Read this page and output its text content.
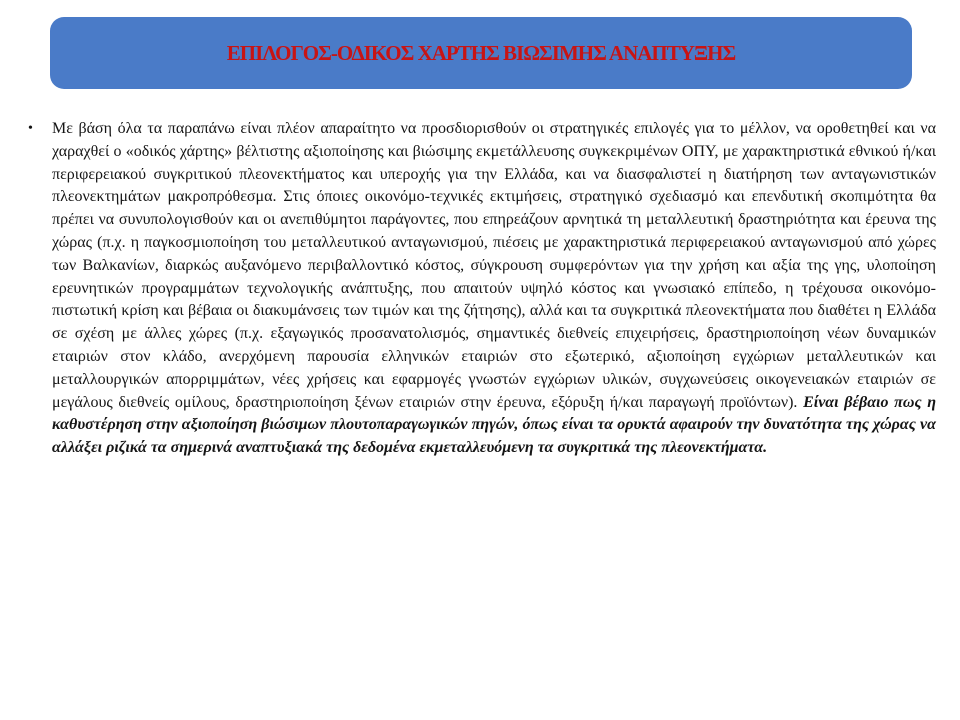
ΕΠΙΛΟΓΟΣ-ΟΔΙΚΟΣ ΧΑΡΤΗΣ ΒΙΩΣΙΜΗΣ ΑΝΑΠΤΥΞΗΣ
•	Με βάση όλα τα παραπάνω είναι πλέον απαραίτητο να προσδιορισθούν οι στρατηγικές επιλογές για το μέλλον, να οροθετηθεί και να χαραχθεί ο «οδικός χάρτης» βέλτιστης αξιοποίησης και βιώσιμης εκμετάλλευσης συγκεκριμένων ΟΠΥ, με χαρακτηριστικά εθνικού ή/και περιφερειακού συγκριτικού πλεονεκτήματος και υπεροχής για την Ελλάδα, και να διασφαλιστεί η διατήρηση των ανταγωνιστικών πλεονεκτημάτων μακροπρόθεσμα. Στις όποιες οικονόμο-τεχνικές εκτιμήσεις, στρατηγικό σχεδιασμό και επενδυτική σκοπιμότητα θα πρέπει να συνυπολογισθούν και οι ανεπιθύμητοι παράγοντες, που επηρεάζουν αρνητικά τη μεταλλευτική δραστηριότητα και έρευνα της χώρας (π.χ. η παγκοσμιοποίηση του μεταλλευτικού ανταγωνισμού, πιέσεις με χαρακτηριστικά περιφερειακού ανταγωνισμού από χώρες των Βαλκανίων, διαρκώς αυξανόμενο περιβαλλοντικό κόστος, σύγκρουση συμφερόντων για την χρήση και αξία της γης, υλοποίηση ερευνητικών προγραμμάτων τεχνολογικής ανάπτυξης, που απαιτούν υψηλό κόστος και γνωσιακό επίπεδο, η τρέχουσα οικονόμο-πιστωτική κρίση και βέβαια οι διακυμάνσεις των τιμών και της ζήτησης), αλλά και τα συγκριτικά πλεονεκτήματα που διαθέτει η Ελλάδα σε σχέση με άλλες χώρες (π.χ. εξαγωγικός προσανατολισμός, σημαντικές διεθνείς επιχειρήσεις, δραστηριοποίηση νέων δυναμικών εταιριών στον κλάδο, ανερχόμενη παρουσία ελληνικών εταιριών στο εξωτερικό, αξιοποίηση εγχώριων μεταλλευτικών και μεταλλουργικών απορριμμάτων, νέες χρήσεις και εφαρμογές γνωστών εγχώριων υλικών, συγχωνεύσεις οικογενειακών εταιριών σε μεγάλους διεθνείς ομίλους, δραστηριοποίηση ξένων εταιριών στην έρευνα, εξόρυξη ή/και παραγωγή προϊόντων). Είναι βέβαιο πως η καθυστέρηση στην αξιοποίηση βιώσιμων πλουτοπαραγωγικών πηγών, όπως είναι τα ορυκτά αφαιρούν την δυνατότητα της χώρας να αλλάξει ριζικά τα σημερινά αναπτυξιακά της δεδομένα εκμεταλλευόμενη τα συγκριτικά της πλεονεκτήματα.
